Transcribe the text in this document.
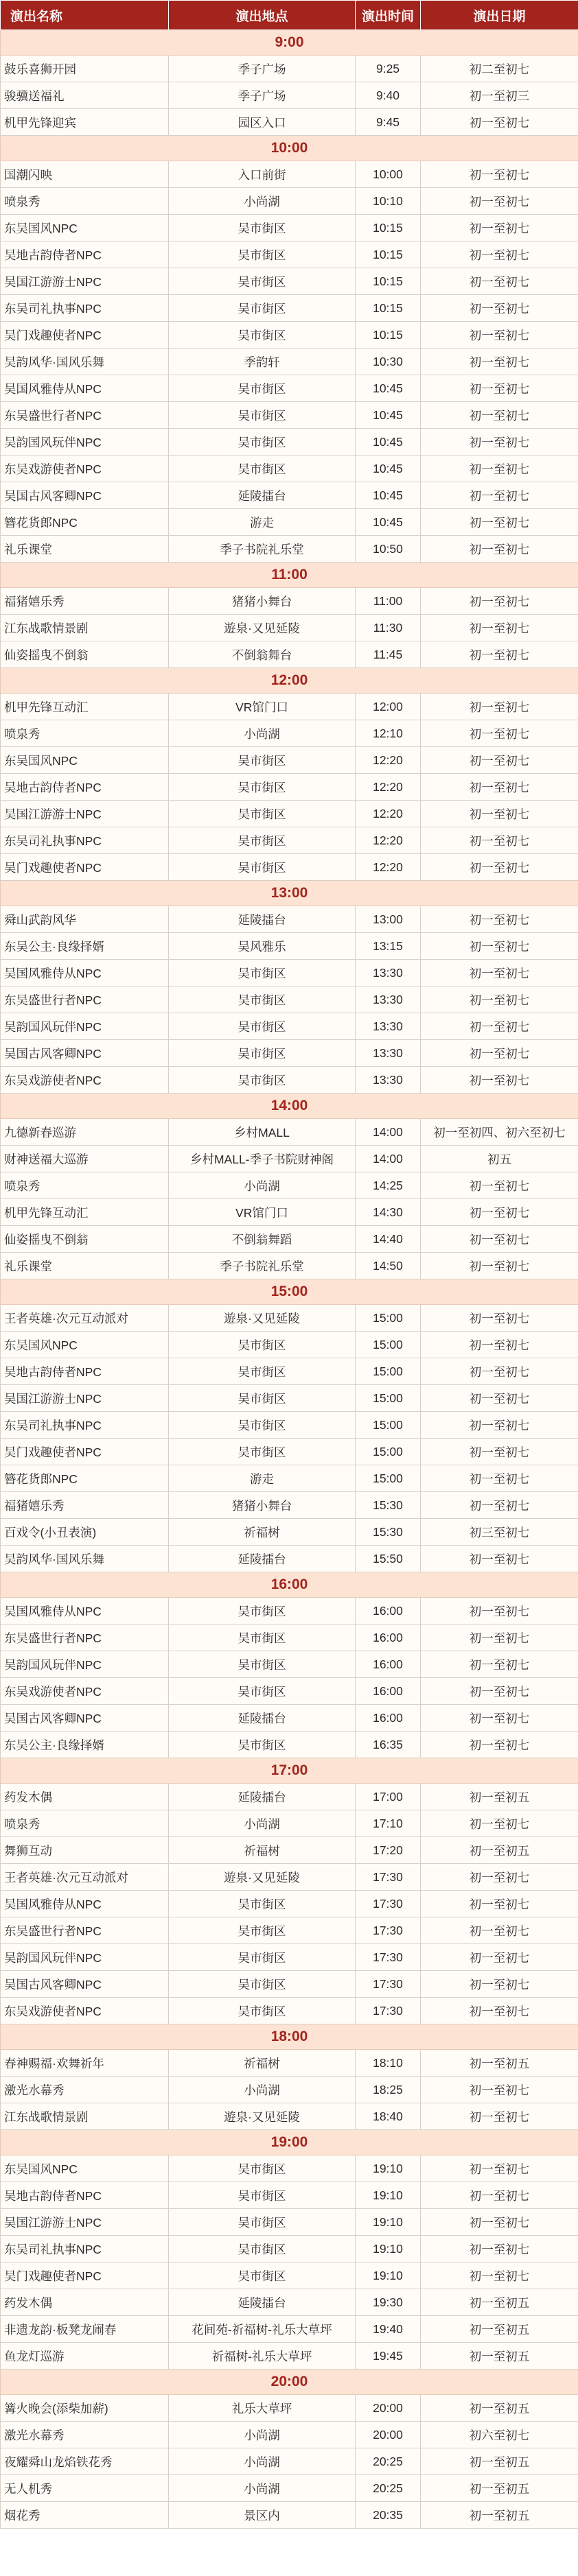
演出名称	演出地点	演出时间	演出日期
9:00			
鼓乐喜狮开园	季子广场	9:25	初二至初七
骏骥送福礼	季子广场	9:40	初一至初三
机甲先锋迎宾	园区入口	9:45	初一至初七
10:00			
国潮闪映	入口前街	10:00	初一至初七
喷泉秀	小尚湖	10:10	初一至初七
东吴国风NPC	吴市街区	10:15	初一至初七
吴地古韵侍者NPC	吴市街区	10:15	初一至初七
吴国江游游士NPC	吴市街区	10:15	初一至初七
东吴司礼执事NPC	吴市街区	10:15	初一至初七
吴门戏趣使者NPC	吴市街区	10:15	初一至初七
吴韵风华·国风乐舞	季韵轩	10:30	初一至初七
吴国风雅侍从NPC	吴市街区	10:45	初一至初七
东吴盛世行者NPC	吴市街区	10:45	初一至初七
吴韵国风玩伴NPC	吴市街区	10:45	初一至初七
东吴戏游使者NPC	吴市街区	10:45	初一至初七
吴国古风客卿NPC	延陵擂台	10:45	初一至初七
簪花货郎NPC	游走	10:45	初一至初七
礼乐课堂	季子书院礼乐堂	10:50	初一至初七
11:00			
福猪嬉乐秀	猪猪小舞台	11:00	初一至初七
江东战歌情景剧	遊泉·又见延陵	11:30	初一至初七
仙姿摇曳不倒翁	不倒翁舞台	11:45	初一至初七
12:00			
机甲先锋互动汇	VR馆门口	12:00	初一至初七
喷泉秀	小尚湖	12:10	初一至初七
东吴国风NPC	吴市街区	12:20	初一至初七
吴地古韵侍者NPC	吴市街区	12:20	初一至初七
吴国江游游士NPC	吴市街区	12:20	初一至初七
东吴司礼执事NPC	吴市街区	12:20	初一至初七
吴门戏趣使者NPC	吴市街区	12:20	初一至初七
13:00			
舜山武韵风华	延陵擂台	13:00	初一至初七
东吴公主·良缘择婿	吴风雅乐	13:15	初一至初七
吴国风雅侍从NPC	吴市街区	13:30	初一至初七
东吴盛世行者NPC	吴市街区	13:30	初一至初七
吴韵国风玩伴NPC	吴市街区	13:30	初一至初七
吴国古风客卿NPC	吴市街区	13:30	初一至初七
东吴戏游使者NPC	吴市街区	13:30	初一至初七
14:00			
九德新春巡游	乡村MALL	14:00	初一至初四、初六至初七
财神送福大巡游	乡村MALL-季子书院财神阁	14:00	初五
喷泉秀	小尚湖	14:25	初一至初七
机甲先锋互动汇	VR馆门口	14:30	初一至初七
仙姿摇曳不倒翁	不倒翁舞蹈	14:40	初一至初七
礼乐课堂	季子书院礼乐堂	14:50	初一至初七
15:00			
王者英雄·次元互动派对	遊泉·又见延陵	15:00	初一至初七
东吴国风NPC	吴市街区	15:00	初一至初七
吴地古韵侍者NPC	吴市街区	15:00	初一至初七
吴国江游游士NPC	吴市街区	15:00	初一至初七
东吴司礼执事NPC	吴市街区	15:00	初一至初七
吴门戏趣使者NPC	吴市街区	15:00	初一至初七
簪花货郎NPC	游走	15:00	初一至初七
福猪嬉乐秀	猪猪小舞台	15:30	初一至初七
百戏令(小丑表演)	祈福树	15:30	初三至初七
吴韵风华·国风乐舞	延陵擂台	15:50	初一至初七
16:00			
吴国风雅侍从NPC	吴市街区	16:00	初一至初七
东吴盛世行者NPC	吴市街区	16:00	初一至初七
吴韵国风玩伴NPC	吴市街区	16:00	初一至初七
东吴戏游使者NPC	吴市街区	16:00	初一至初七
吴国古风客卿NPC	延陵擂台	16:00	初一至初七
东吴公主·良缘择婿	吴市街区	16:35	初一至初七
17:00			
药发木偶	延陵擂台	17:00	初一至初五
喷泉秀	小尚湖	17:10	初一至初七
舞狮互动	祈福树	17:20	初一至初五
王者英雄·次元互动派对	遊泉·又见延陵	17:30	初一至初七
吴国风雅侍从NPC	吴市街区	17:30	初一至初七
东吴盛世行者NPC	吴市街区	17:30	初一至初七
吴韵国风玩伴NPC	吴市街区	17:30	初一至初七
吴国古风客卿NPC	吴市街区	17:30	初一至初七
东吴戏游使者NPC	吴市街区	17:30	初一至初七
18:00			
春神赐福·欢舞祈年	祈福树	18:10	初一至初五
激光水幕秀	小尚湖	18:25	初一至初七
江东战歌情景剧	遊泉·又见延陵	18:40	初一至初七
19:00			
东吴国风NPC	吴市街区	19:10	初一至初七
吴地古韵侍者NPC	吴市街区	19:10	初一至初七
吴国江游游士NPC	吴市街区	19:10	初一至初七
东吴司礼执事NPC	吴市街区	19:10	初一至初七
吴门戏趣使者NPC	吴市街区	19:10	初一至初七
药发木偶	延陵擂台	19:30	初一至初五
非遗龙韵·板凳龙闹春	花间苑-祈福树-礼乐大草坪	19:40	初一至初五
鱼龙灯巡游	祈福树-礼乐大草坪	19:45	初一至初五
20:00			
篝火晚会(添柴加薪)	礼乐大草坪	20:00	初一至初五
激光水幕秀	小尚湖	20:00	初六至初七
夜耀舜山龙焰铁花秀	小尚湖	20:25	初一至初五
无人机秀	小尚湖	20:25	初一至初五
烟花秀	景区内	20:35	初一至初五
